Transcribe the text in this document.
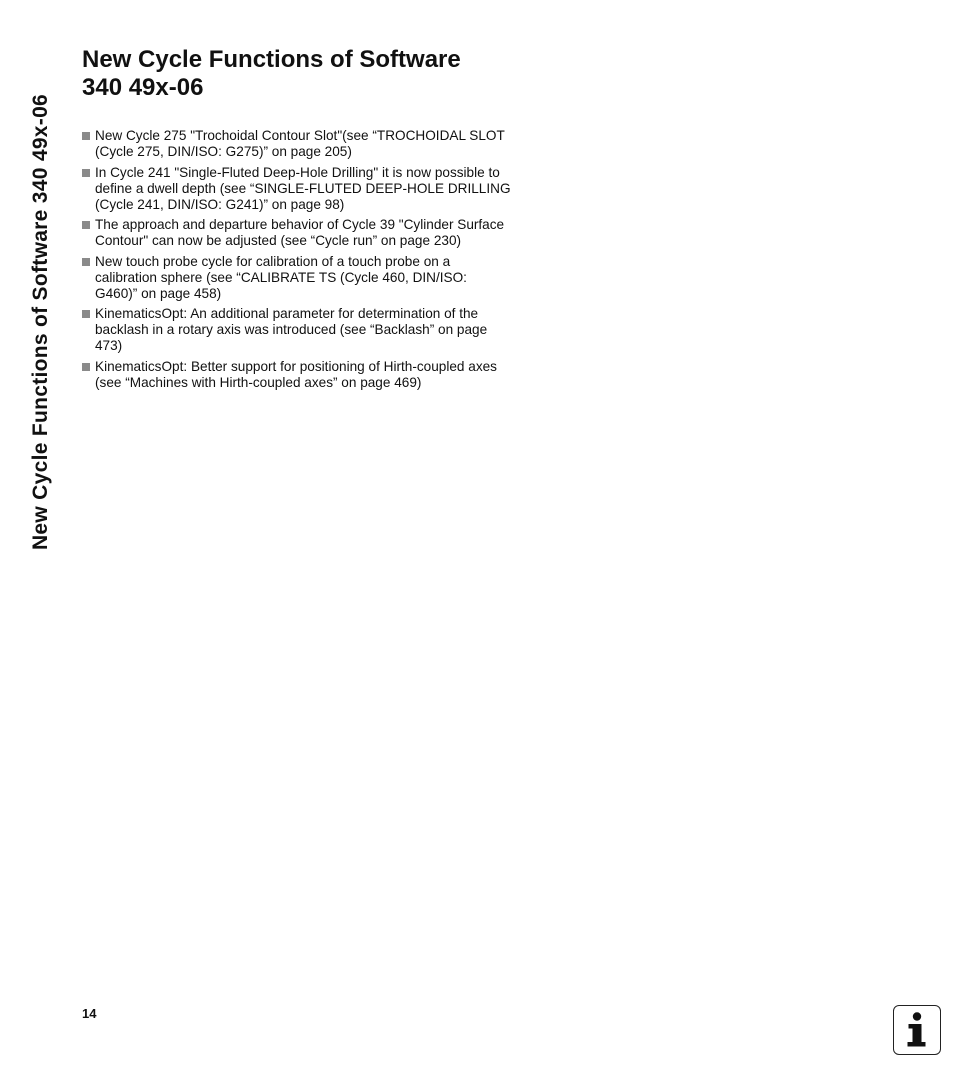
New Cycle Functions of Software 340 49x-06
New Cycle Functions of Software
340 49x-06
New Cycle 275 "Trochoidal Contour Slot"(see “TROCHOIDAL SLOT
(Cycle 275, DIN/ISO: G275)” on page 205)
In Cycle 241 "Single-Fluted Deep-Hole Drilling" it is now possible to
define a dwell depth (see “SINGLE-FLUTED DEEP-HOLE DRILLING
(Cycle 241, DIN/ISO: G241)” on page 98)
The approach and departure behavior of Cycle 39 "Cylinder Surface
Contour" can now be adjusted (see “Cycle run” on page 230)
New touch probe cycle for calibration of a touch probe on a
calibration sphere (see “CALIBRATE TS (Cycle 460, DIN/ISO:
G460)” on page 458)
KinematicsOpt: An additional parameter for determination of the
backlash in a rotary axis was introduced (see “Backlash” on page
473)
KinematicsOpt: Better support for positioning of Hirth-coupled axes
(see “Machines with Hirth-coupled axes” on page 469)
14
